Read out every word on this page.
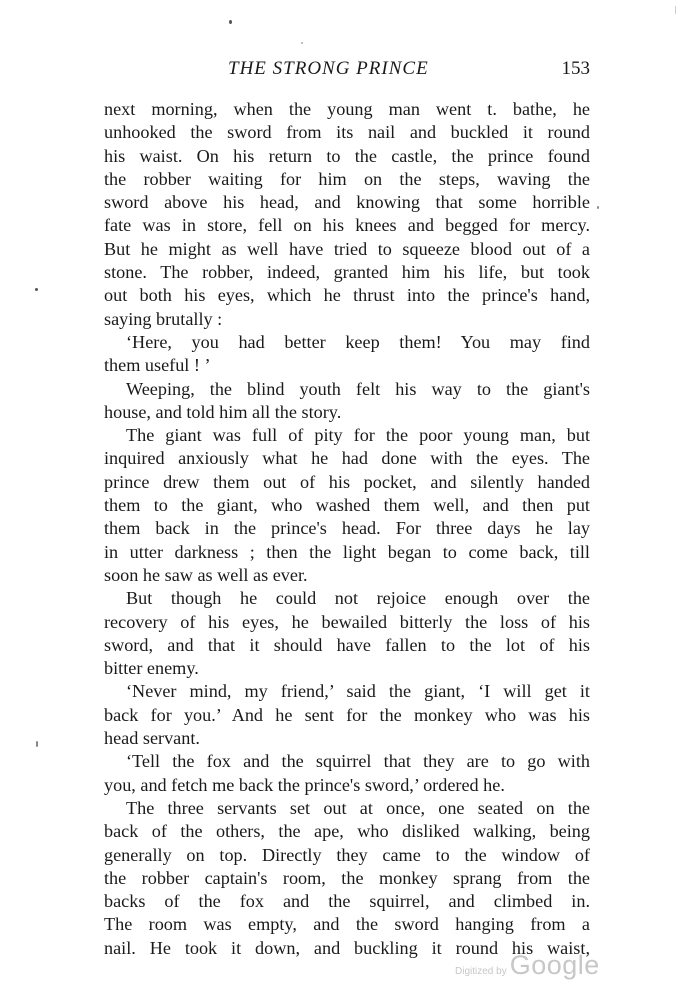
THE STRONG PRINCE	153
next morning, when the young man went t. bathe, he
unhooked the sword from its nail and buckled it round
his waist. On his return to the castle, the prince found
the robber waiting for him on the steps, waving the
sword above his head, and knowing that some horrible
fate was in store, fell on his knees and begged for mercy.
But he might as well have tried to squeeze blood out of a
stone. The robber, indeed, granted him his life, but took
out both his eyes, which he thrust into the prince's hand,
saying brutally :
‘Here, you had better keep them! You may find
them useful ! ’
Weeping, the blind youth felt his way to the giant's
house, and told him all the story.
The giant was full of pity for the poor young man, but
inquired anxiously what he had done with the eyes. The
prince drew them out of his pocket, and silently handed
them to the giant, who washed them well, and then put
them back in the prince's head. For three days he lay
in utter darkness ; then the light began to come back, till
soon he saw as well as ever.
But though he could not rejoice enough over the
recovery of his eyes, he bewailed bitterly the loss of his
sword, and that it should have fallen to the lot of his
bitter enemy.
‘Never mind, my friend,’ said the giant, ‘I will get it
back for you.’ And he sent for the monkey who was his
head servant.
‘Tell the fox and the squirrel that they are to go with
you, and fetch me back the prince's sword,’ ordered he.
The three servants set out at once, one seated on the
back of the others, the ape, who disliked walking, being
generally on top. Directly they came to the window of
the robber captain's room, the monkey sprang from the
backs of the fox and the squirrel, and climbed in.
The room was empty, and the sword hanging from a
nail. He took it down, and buckling it round his waist,
Digitized by Google
